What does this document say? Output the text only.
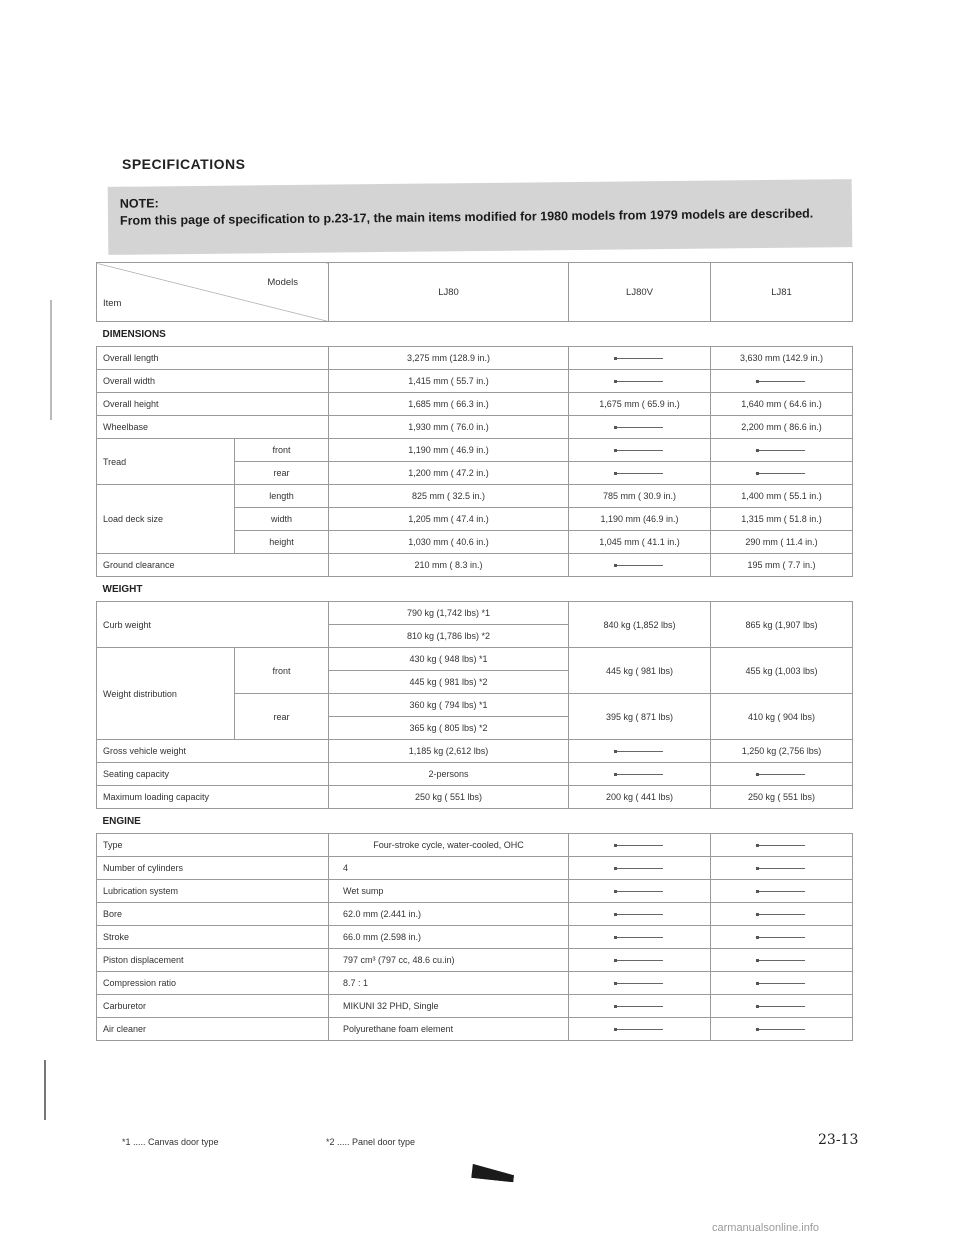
SPECIFICATIONS
NOTE:
From this page of specification to p.23-17, the main items modified for 1980 models from 1979 models are described.
Models
Item		LJ80	LJ80V	LJ81
DIMENSIONS				
Overall length		3,275 mm (128.9 in.)		3,630 mm (142.9 in.)
Overall width		1,415 mm ( 55.7 in.)		
Overall height		1,685 mm ( 66.3 in.)	1,675 mm ( 65.9 in.)	1,640 mm ( 64.6 in.)
Wheelbase		1,930 mm ( 76.0 in.)		2,200 mm ( 86.6 in.)
Tread	front	1,190 mm ( 46.9 in.)		
	rear	1,200 mm ( 47.2 in.)		
Load deck size	length	825 mm ( 32.5 in.)	785 mm ( 30.9 in.)	1,400 mm ( 55.1 in.)
	width	1,205 mm ( 47.4 in.)	1,190 mm (46.9 in.)	1,315 mm ( 51.8 in.)
	height	1,030 mm ( 40.6 in.)	1,045 mm ( 41.1 in.)	290 mm ( 11.4 in.)
Ground clearance		210 mm ( 8.3 in.)		195 mm ( 7.7 in.)
WEIGHT				
Curb weight		790 kg (1,742 lbs) *1	840 kg (1,852 lbs)	865 kg (1,907 lbs)
		810 kg (1,786 lbs) *2		
Weight distribution	front	430 kg ( 948 lbs) *1	445 kg ( 981 lbs)	455 kg (1,003 lbs)
		445 kg ( 981 lbs) *2		
	rear	360 kg ( 794 lbs) *1	395 kg ( 871 lbs)	410 kg ( 904 lbs)
		365 kg ( 805 lbs) *2		
Gross vehicle weight		1,185 kg (2,612 lbs)		1,250 kg (2,756 lbs)
Seating capacity		2-persons		
Maximum loading capacity		250 kg ( 551 lbs)	200 kg ( 441 lbs)	250 kg ( 551 lbs)
ENGINE				
Type		Four-stroke cycle, water-cooled, OHC		
Number of cylinders		4		
Lubrication system		Wet sump		
Bore		62.0 mm (2.441 in.)		
Stroke		66.0 mm (2.598 in.)		
Piston displacement		797 cm³ (797 cc, 48.6 cu.in)		
Compression ratio		8.7 : 1		
Carburetor		MIKUNI 32 PHD, Single		
Air cleaner		Polyurethane foam element		
*1 ..... Canvas door type	*2 ..... Panel door type	23-13
carmanualsonline.info
